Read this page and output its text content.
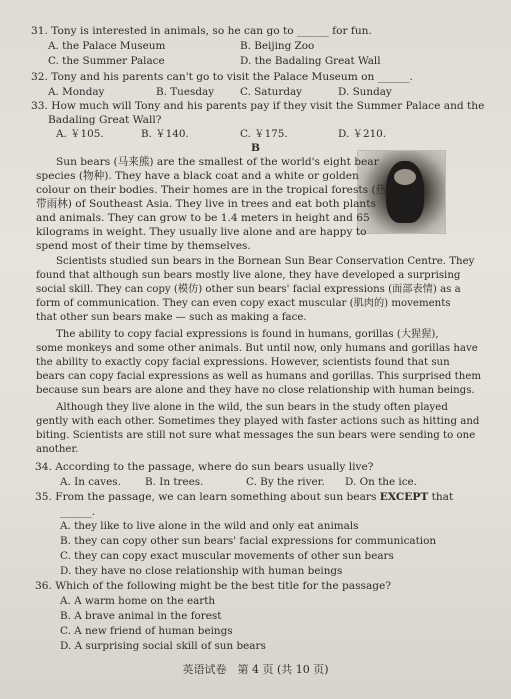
31. Tony is interested in animals, so he can go to ______ for fun.
A. the Palace Museum	B. Beijing Zoo
C. the Summer Palace	D. the Badaling Great Wall
32. Tony and his parents can't go to visit the Palace Museum on ______.
A. Monday	B. Tuesday C. Saturday	D. Sunday
33. How much will Tony and his parents pay if they visit the Summer Palace and the
Badaling Great Wall?
A. ￥105.	B. ￥140.	C. ￥175.	D. ￥210.
B
Sun bears (马来熊) are the smallest of the world's eight bear
species (物种). They have a black coat and a white or golden
colour on their bodies. Their homes are in the tropical forests (热
带雨林) of Southeast Asia. They live in trees and eat both plants
and animals. They can grow to be 1.4 meters in height and 65
kilograms in weight. They usually live alone and are happy to
spend most of their time by themselves.
Scientists studied sun bears in the Bornean Sun Bear Conservation Centre. They
found that although sun bears mostly live alone, they have developed a surprising
social skill. They can copy (模仿) other sun bears' facial expressions (面部表情) as a
form of communication. They can even copy exact muscular (肌肉的) movements
that other sun bears make — such as making a face.
The ability to copy facial expressions is found in humans, gorillas (大猩猩),
some monkeys and some other animals. But until now, only humans and gorillas have
the ability to exactly copy facial expressions. However, scientists found that sun
bears can copy facial expressions as well as humans and gorillas. This surprised them
because sun bears are alone and they have no close relationship with human beings.
Although they live alone in the wild, the sun bears in the study often played
gently with each other. Sometimes they played with faster actions such as hitting and
biting. Scientists are still not sure what messages the sun bears were sending to one
another.
34. According to the passage, where do sun bears usually live?
A. In caves. B. In trees.	C. By the river. D. On the ice.
35. From the passage, we can learn something about sun bears EXCEPT that
______.
A. they like to live alone in the wild and only eat animals
B. they can copy other sun bears' facial expressions for communication
C. they can copy exact muscular movements of other sun bears
D. they have no close relationship with human beings
36. Which of the following might be the best title for the passage?
A. A warm home on the earth
B. A brave animal in the forest
C. A new friend of human beings
D. A surprising social skill of sun bears
英语试卷　第 4 页 (共 10 页)
